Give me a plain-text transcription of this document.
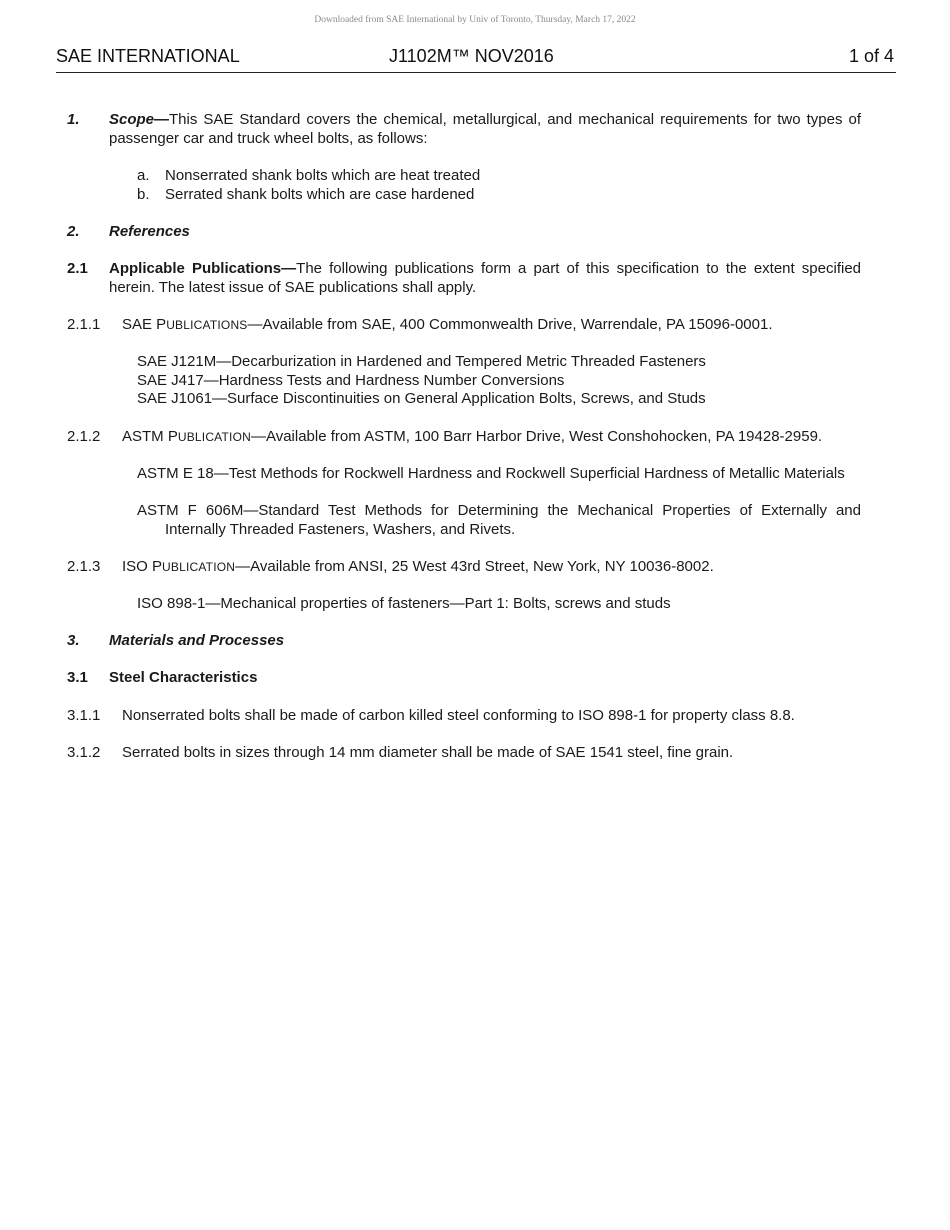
Downloaded from SAE International by Univ of Toronto, Thursday, March 17, 2022
SAE INTERNATIONAL	J1102M™ NOV2016	1 of 4
1. Scope—This SAE Standard covers the chemical, metallurgical, and mechanical requirements for two types of passenger car and truck wheel bolts, as follows:
a. Nonserrated shank bolts which are heat treated
b. Serrated shank bolts which are case hardened
2. References
2.1 Applicable Publications—The following publications form a part of this specification to the extent specified herein. The latest issue of SAE publications shall apply.
2.1.1 SAE PUBLICATIONS—Available from SAE, 400 Commonwealth Drive, Warrendale, PA 15096-0001.
SAE J121M—Decarburization in Hardened and Tempered Metric Threaded Fasteners
SAE J417—Hardness Tests and Hardness Number Conversions
SAE J1061—Surface Discontinuities on General Application Bolts, Screws, and Studs
2.1.2 ASTM PUBLICATION—Available from ASTM, 100 Barr Harbor Drive, West Conshohocken, PA 19428-2959.
ASTM E 18—Test Methods for Rockwell Hardness and Rockwell Superficial Hardness of Metallic Materials
ASTM F 606M—Standard Test Methods for Determining the Mechanical Properties of Externally and Internally Threaded Fasteners, Washers, and Rivets.
2.1.3 ISO PUBLICATION—Available from ANSI, 25 West 43rd Street, New York, NY 10036-8002.
ISO 898-1—Mechanical properties of fasteners—Part 1: Bolts, screws and studs
3. Materials and Processes
3.1 Steel Characteristics
3.1.1 Nonserrated bolts shall be made of carbon killed steel conforming to ISO 898-1 for property class 8.8.
3.1.2 Serrated bolts in sizes through 14 mm diameter shall be made of SAE 1541 steel, fine grain.
